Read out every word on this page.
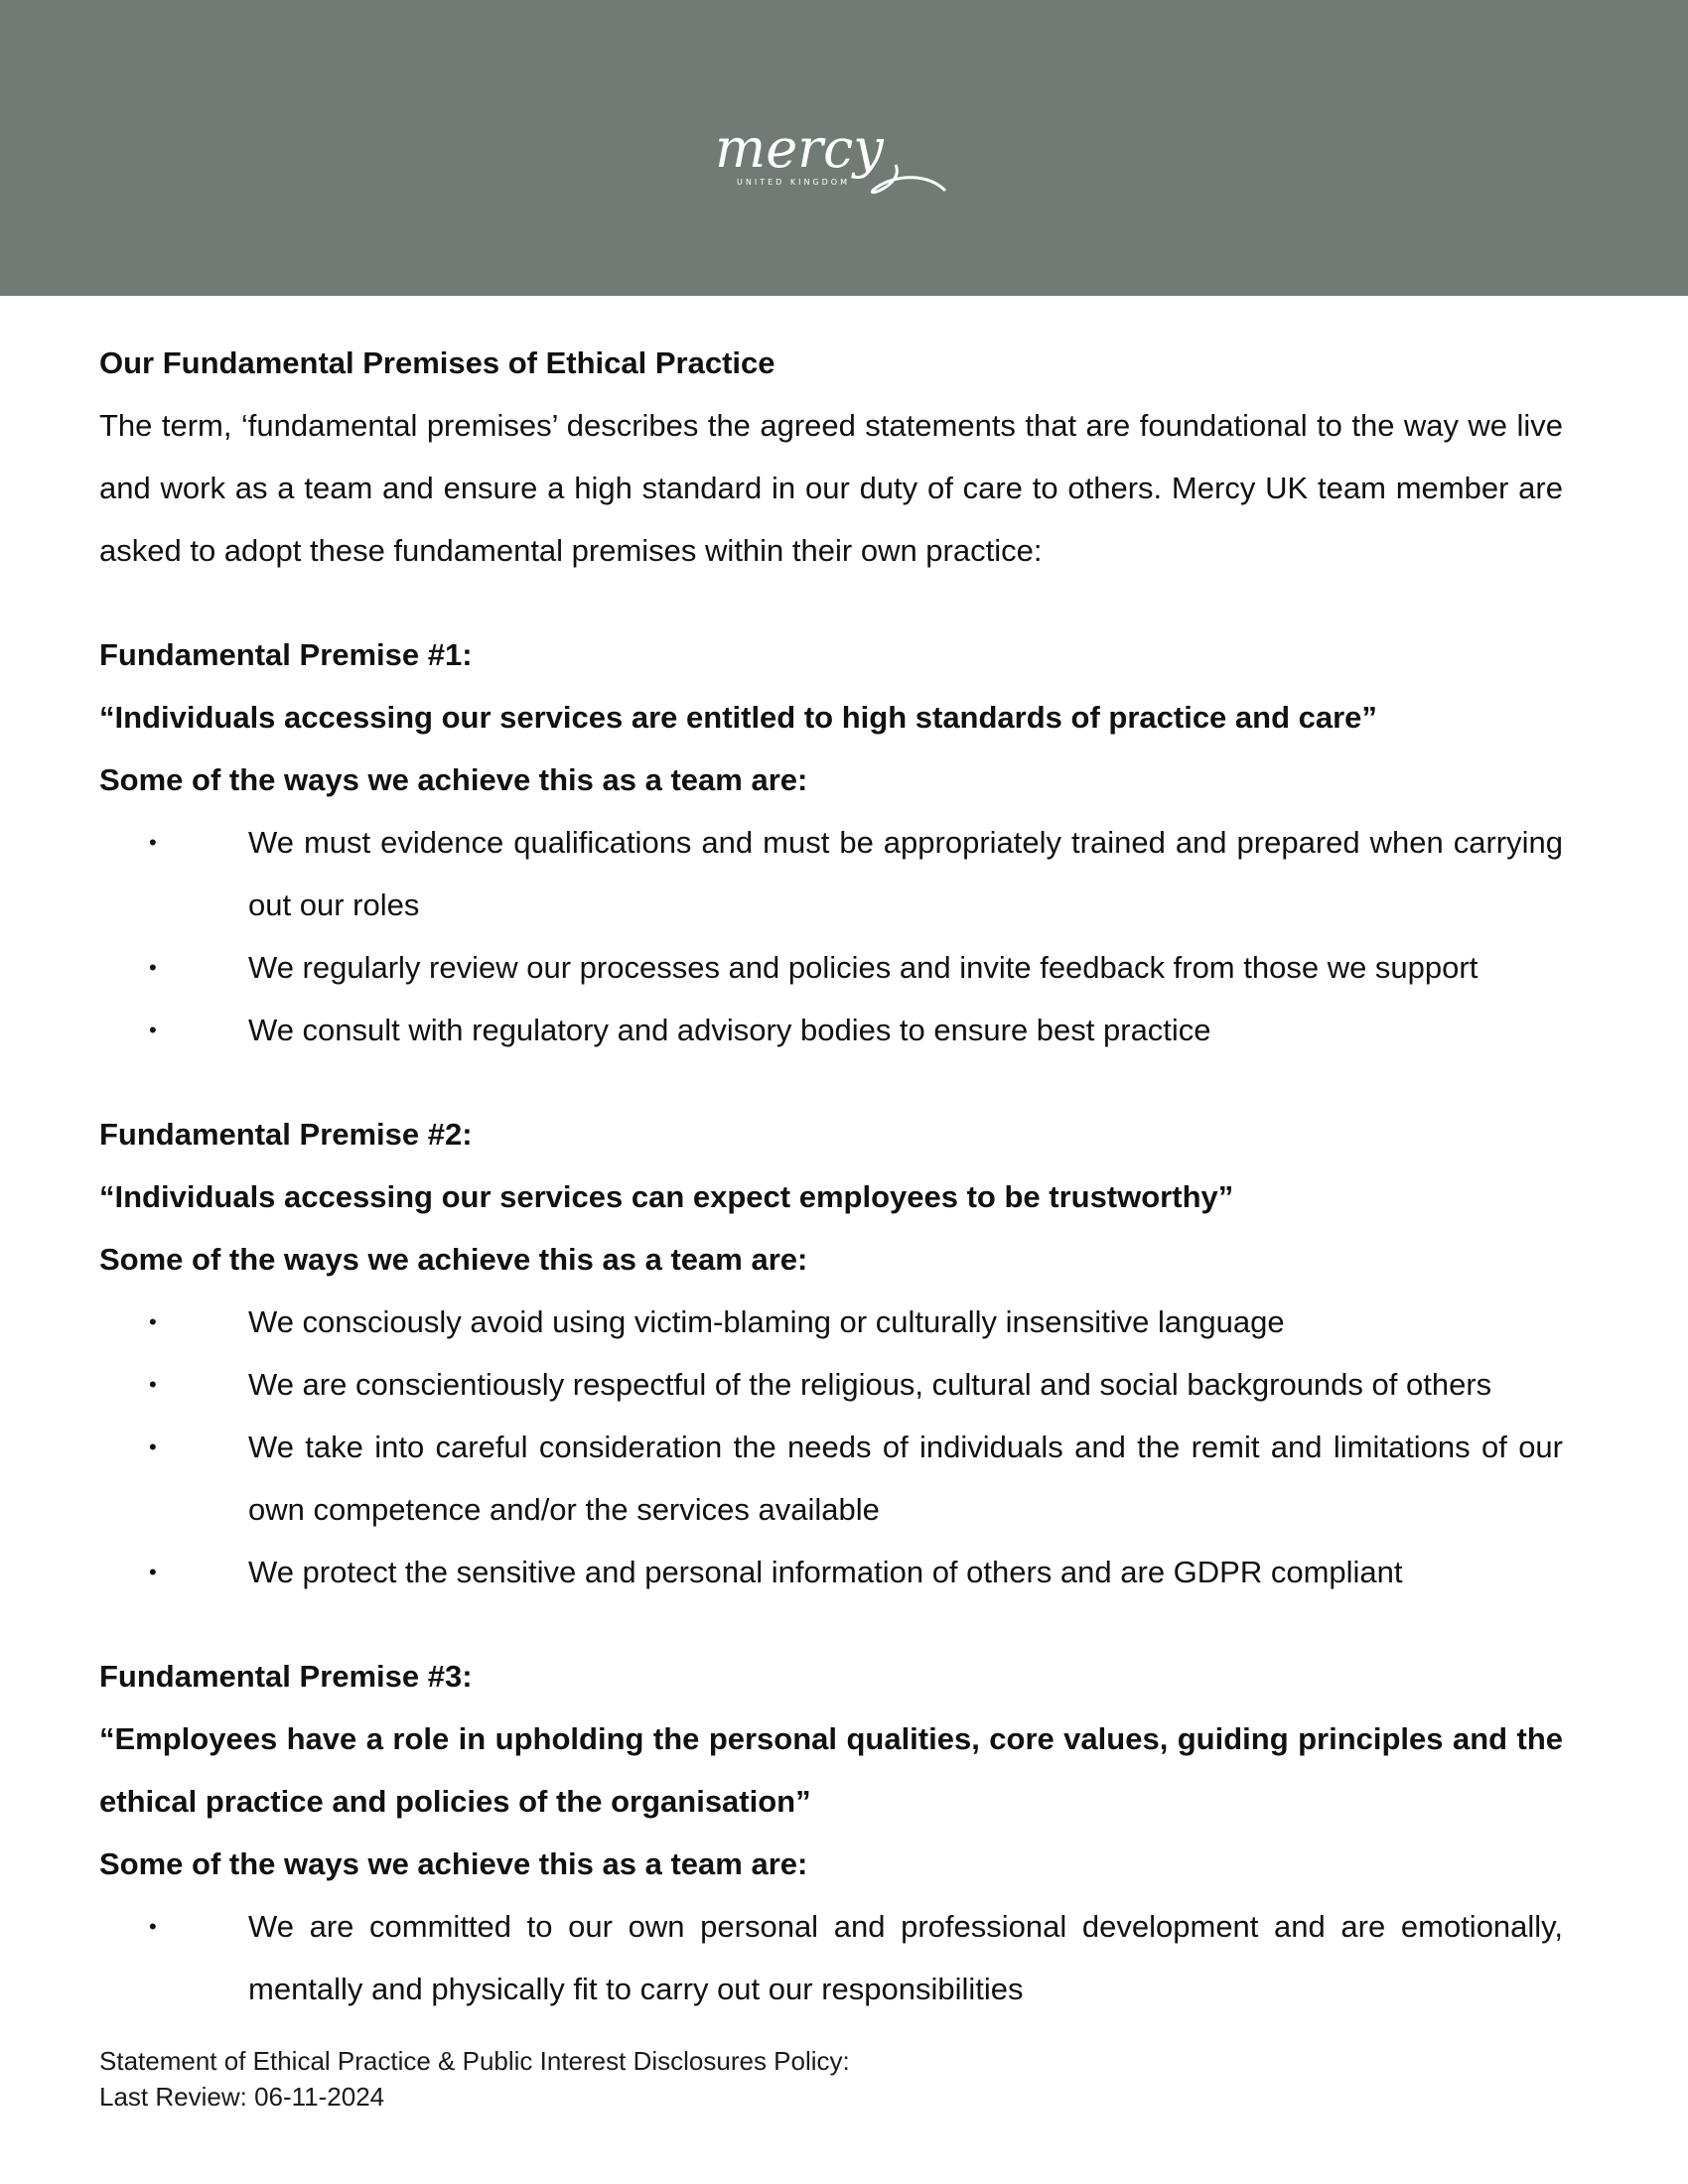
mercy
UNITED KINGDOM

Our Fundamental Premises of Ethical Practice

The term, ‘fundamental premises’ describes the agreed statements that are foundational to the way we live and work as a team and ensure a high standard in our duty of care to others. Mercy UK team member are asked to adopt these fundamental premises within their own practice:

Fundamental Premise #1:

“Individuals accessing our services are entitled to high standards of practice and care”

Some of the ways we achieve this as a team are:

•	We must evidence qualifications and must be appropriately trained and prepared when carrying out our roles
•	We regularly review our processes and policies and invite feedback from those we support
•	We consult with regulatory and advisory bodies to ensure best practice

Fundamental Premise #2:

“Individuals accessing our services can expect employees to be trustworthy”

Some of the ways we achieve this as a team are:

•	We consciously avoid using victim-blaming or culturally insensitive language
•	We are conscientiously respectful of the religious, cultural and social backgrounds of others
•	We take into careful consideration the needs of individuals and the remit and limitations of our own competence and/or the services available
•	We protect the sensitive and personal information of others and are GDPR compliant

Fundamental Premise #3:

“Employees have a role in upholding the personal qualities, core values, guiding principles and the ethical practice and policies of the organisation”

Some of the ways we achieve this as a team are:

•	We are committed to our own personal and professional development and are emotionally, mentally and physically fit to carry out our responsibilities
Statement of Ethical Practice & Public Interest Disclosures Policy:
Last Review: 06-11-2024
